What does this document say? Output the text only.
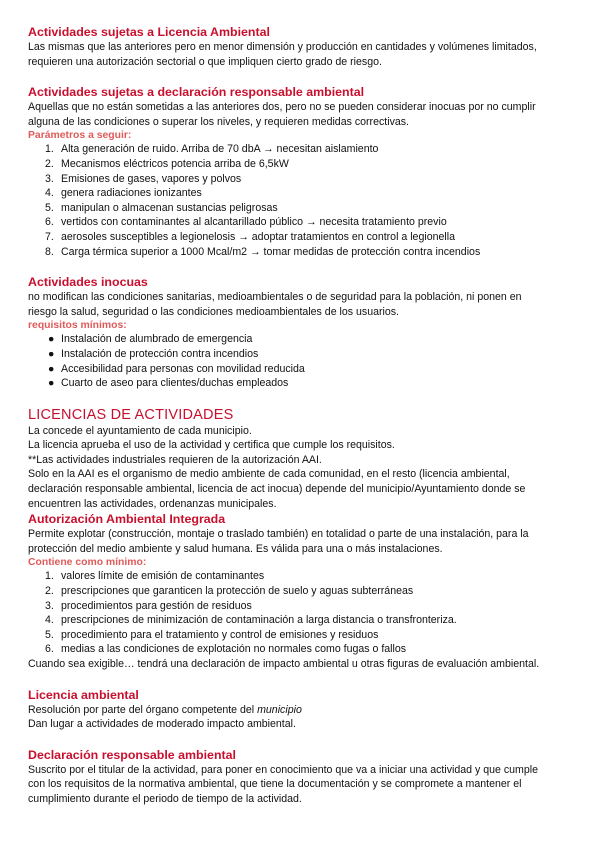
Actividades sujetas a Licencia Ambiental

Las mismas que las anteriores pero en menor dimensión y producción en cantidades y volúmenes limitados,

requieren una autorización sectorial o que impliquen cierto grado de riesgo.

Actividades sujetas a declaración responsable ambiental

Aquellas que no están sometidas a las anteriores dos, pero no se pueden considerar inocuas por no cumplir

alguna de las condiciones o superar los niveles, y requieren medidas correctivas.

Parámetros a seguir:

1. Alta generación de ruido. Arriba de 70 dbA → necesitan aislamiento
2. Mecanismos eléctricos potencia arriba de 6,5kW
3. Emisiones de gases, vapores y polvos
4. genera radiaciones ionizantes
5. manipulan o almacenan sustancias peligrosas
6. vertidos con contaminantes al alcantarillado público → necesita tratamiento previo
7. aerosoles susceptibles a legionelosis → adoptar tratamientos en control a legionella
8. Carga térmica superior a 1000 Mcal/m2 → tomar medidas de protección contra incendios

Actividades inocuas

no modifican las condiciones sanitarias, medioambientales o de seguridad para la población, ni ponen en

riesgo la salud, seguridad o las condiciones medioambientales de los usuarios.

requisitos mínimos:

● Instalación de alumbrado de emergencia
● Instalación de protección contra incendios
● Accesibilidad para personas con movilidad reducida
● Cuarto de aseo para clientes/duchas empleados

LICENCIAS DE ACTIVIDADES

La concede el ayuntamiento de cada municipio.

La licencia aprueba el uso de la actividad y certifica que cumple los requisitos.

**Las actividades industriales requieren de la autorización AAI.

Solo en la AAI es el organismo de medio ambiente de cada comunidad, en el resto (licencia ambiental,

declaración responsable ambiental, licencia de act inocua) depende del municipio/Ayuntamiento donde se

encuentren las actividades, ordenanzas municipales.

Autorización Ambiental Integrada

Permite explotar (construcción, montaje o traslado también) en totalidad o parte de una instalación, para la

protección del medio ambiente y salud humana. Es válida para una o más instalaciones.

Contiene como mínimo:

1. valores límite de emisión de contaminantes
2. prescripciones que garanticen la protección de suelo y aguas subterráneas
3. procedimientos para gestión de residuos
4. prescripciones de minimización de contaminación a larga distancia o transfronteriza.
5. procedimiento para el tratamiento y control de emisiones y residuos
6. medias a las condiciones de explotación no normales como fugas o fallos

Cuando sea exigible… tendrá una declaración de impacto ambiental u otras figuras de evaluación ambiental.

Licencia ambiental

Resolución por parte del órgano competente del municipio

Dan lugar a actividades de moderado impacto ambiental.

Declaración responsable ambiental

Suscrito por el titular de la actividad, para poner en conocimiento que va a iniciar una actividad y que cumple

con los requisitos de la normativa ambiental, que tiene la documentación y se compromete a mantener el

cumplimiento durante el periodo de tiempo de la actividad.
